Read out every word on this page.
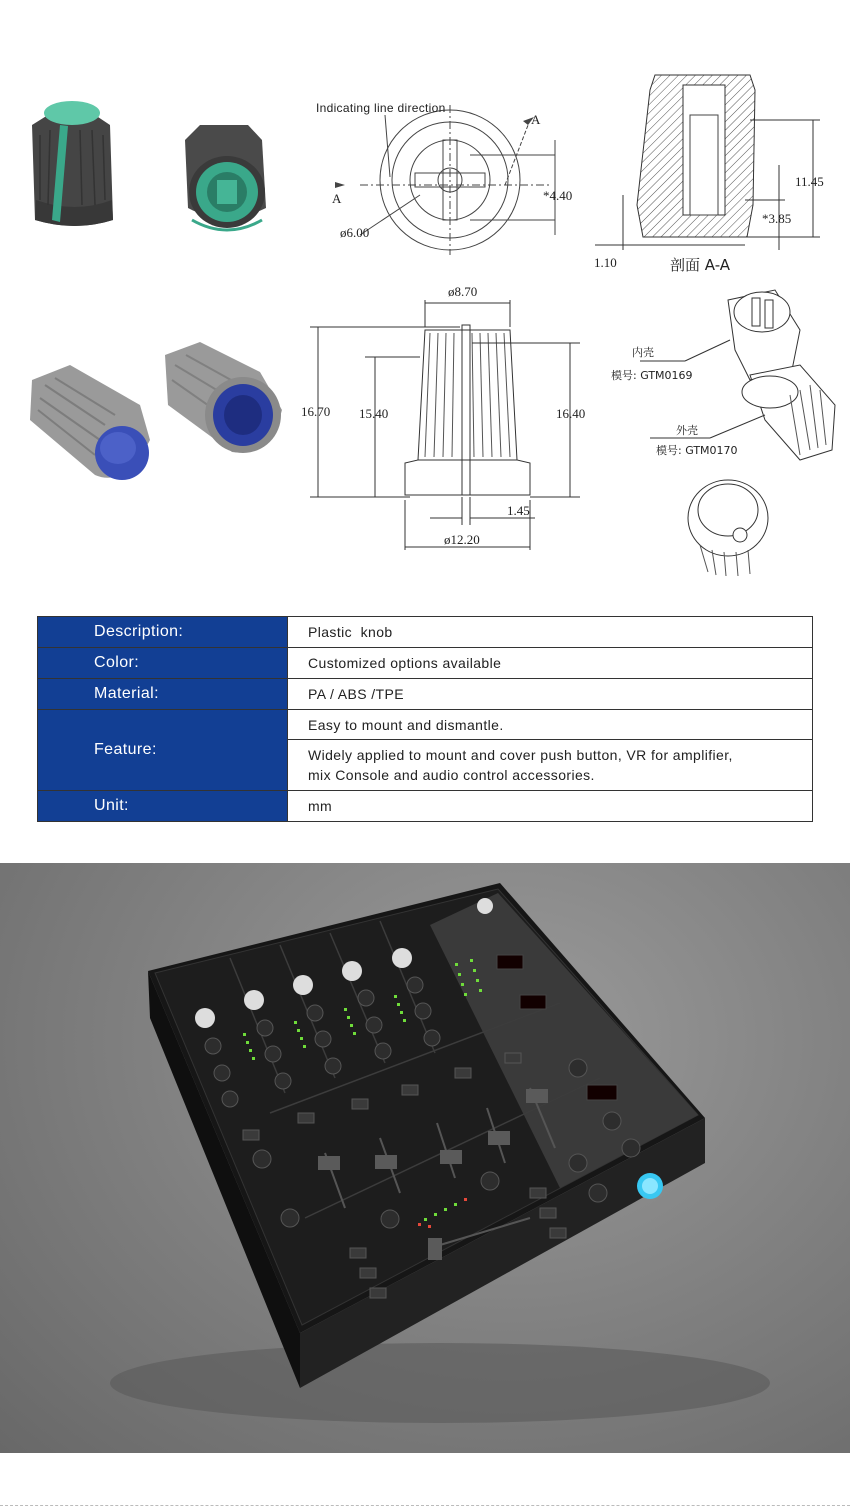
Indicating line direction
A
A	*4.40
ø6.00
11.45
*3.85
1.10	剖面 A-A
ø8.70
16.70 15.40	16.40
1.45
ø12.20
内壳
模号: GTM0169
外壳
模号: GTM0170
Description:	Plastic  knob
Color:	Customized options available
Material:	PA / ABS /TPE
Feature:	Easy to mount and dismantle.

	Widely applied to mount and cover push button, VR for amplifier,
mix Console and audio control accessories.

Unit:	mm
